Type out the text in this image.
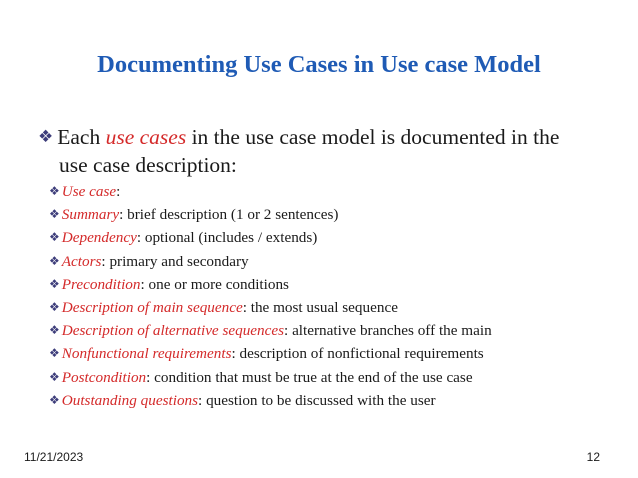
Documenting Use Cases in Use case Model
❖ Each use cases in the use case model is documented in the
use case description:
❖ Use case:
❖ Summary: brief description (1 or 2 sentences)
❖ Dependency: optional (includes / extends)
❖ Actors: primary and secondary
❖ Precondition: one or more conditions
❖ Description of main sequence: the most usual sequence
❖ Description of alternative sequences: alternative branches off the main
❖ Nonfunctional requirements: description of nonfictional requirements
❖ Postcondition: condition that must be true at the end of the use case
❖ Outstanding questions: question to be discussed with the user
11/21/2023	12
